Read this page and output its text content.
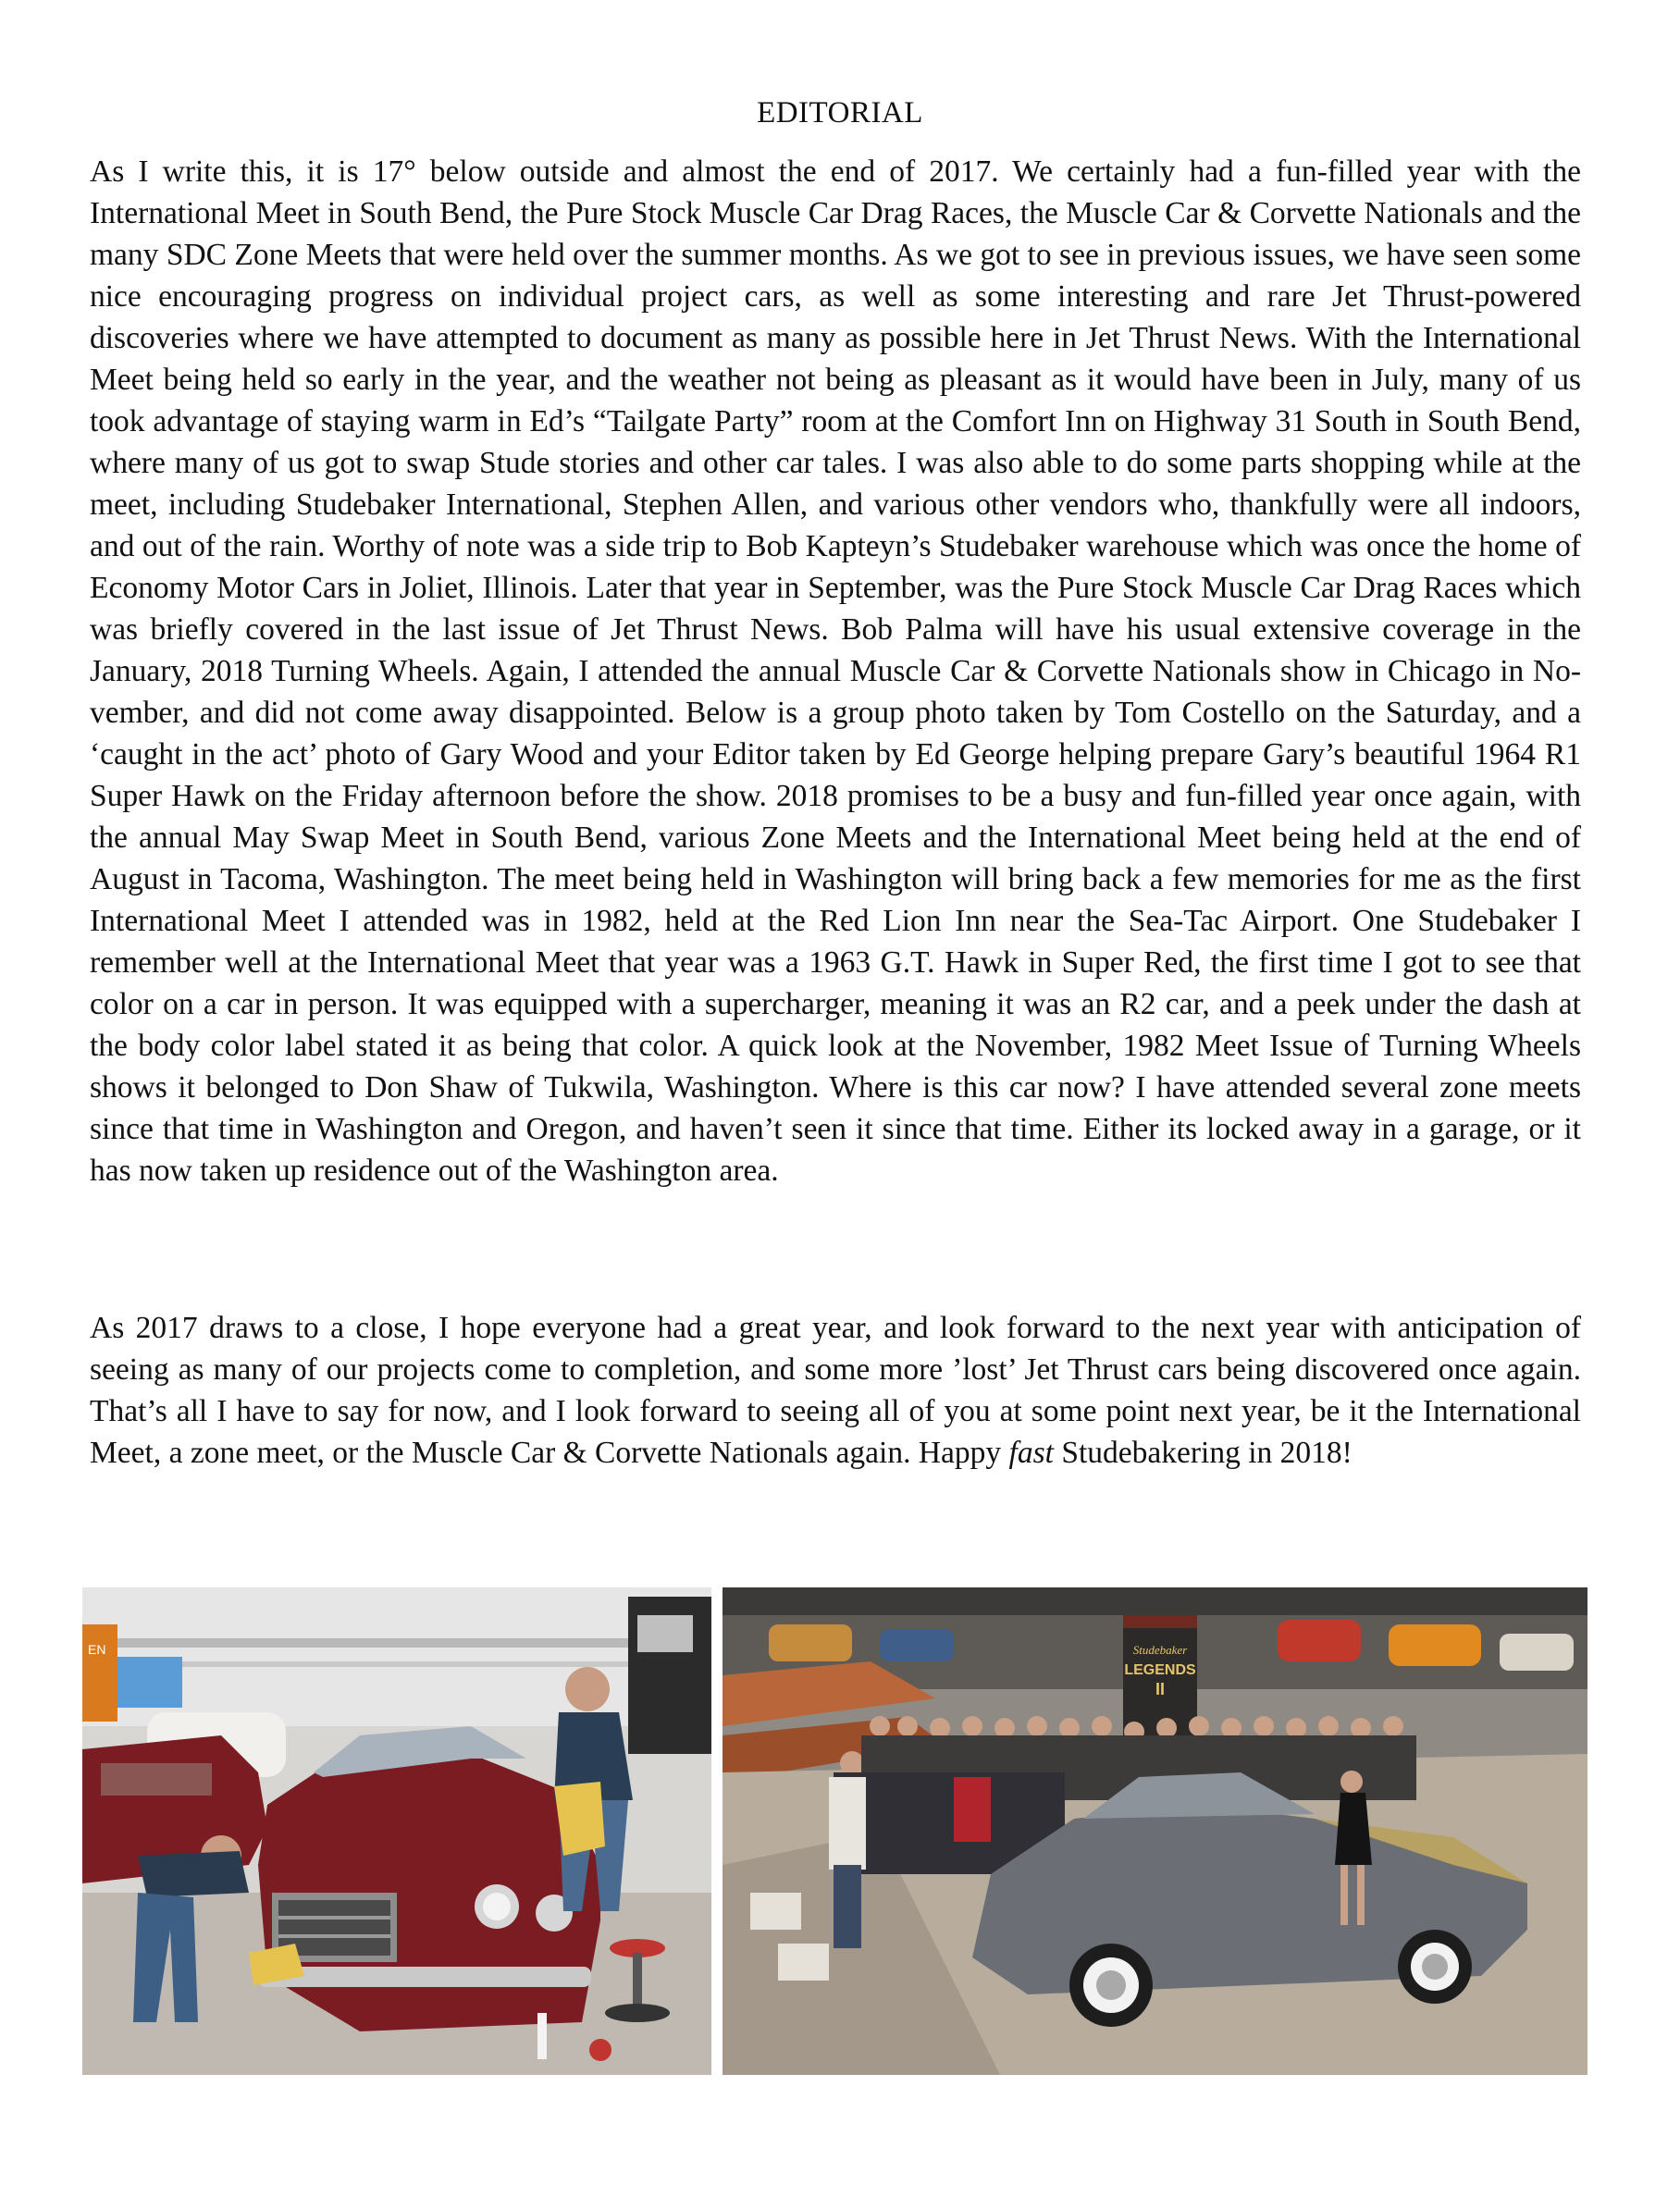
EDITORIAL
As I write this, it is 17° below outside and almost the end of 2017. We certainly had a fun-filled year with the International Meet in South Bend, the Pure Stock Muscle Car Drag Races, the Muscle Car & Corvette Nationals and the many SDC Zone Meets that were held over the summer months. As we got to see in previous issues, we have seen some nice encouraging progress on individual project cars, as well as some interesting and rare Jet Thrust-powered discoveries where we have attempted to document as many as possible here in Jet Thrust News. With the International Meet being held so early in the year, and the weather not being as pleasant as it would have been in July, many of us took advantage of staying warm in Ed’s “Tailgate Party” room at the Comfort Inn on Highway 31 South in South Bend, where many of us got to swap Stude stories and other car tales. I was also able to do some parts shopping while at the meet, including Studebaker International, Stephen Allen, and various other vendors who, thankfully were all indoors, and out of the rain. Worthy of note was a side trip to Bob Kapteyn’s Studebaker warehouse which was once the home of Economy Motor Cars in Joliet, Illinois. Later that year in September, was the Pure Stock Muscle Car Drag Races which was briefly covered in the last issue of Jet Thrust News. Bob Palma will have his usual extensive coverage in the January, 2018 Turning Wheels. Again, I attended the annual Muscle Car & Corvette Nationals show in Chicago in November, and did not come away disappointed. Below is a group photo taken by Tom Costello on the Saturday, and a ‘caught in the act’ photo of Gary Wood and your Editor taken by Ed George helping prepare Gary’s beautiful 1964 R1 Super Hawk on the Friday afternoon before the show. 2018 promises to be a busy and fun-filled year once again, with the annual May Swap Meet in South Bend, various Zone Meets and the International Meet being held at the end of August in Tacoma, Washington. The meet being held in Washington will bring back a few memories for me as the first International Meet I attended was in 1982, held at the Red Lion Inn near the Sea-Tac Airport. One Studebaker I remember well at the International Meet that year was a 1963 G.T. Hawk in Super Red, the first time I got to see that color on a car in person. It was equipped with a supercharger, meaning it was an R2 car, and a peek under the dash at the body color label stated it as being that color. A quick look at the November, 1982 Meet Issue of Turning Wheels shows it belonged to Don Shaw of Tukwila, Washington. Where is this car now? I have attended several zone meets since that time in Washington and Oregon, and haven’t seen it since that time. Either its locked away in a garage, or it has now taken up residence out of the Washington area.
As 2017 draws to a close, I hope everyone had a great year, and look forward to the next year with anticipation of seeing as many of our projects come to completion, and some more ’lost’ Jet Thrust cars being discovered once again. That’s all I have to say for now, and I look forward to seeing all of you at some point next year, be it the International Meet, a zone meet, or the Muscle Car & Corvette Nationals again. Happy fast Studebakering in 2018!
EN	Studebaker
LEGENDS
II
